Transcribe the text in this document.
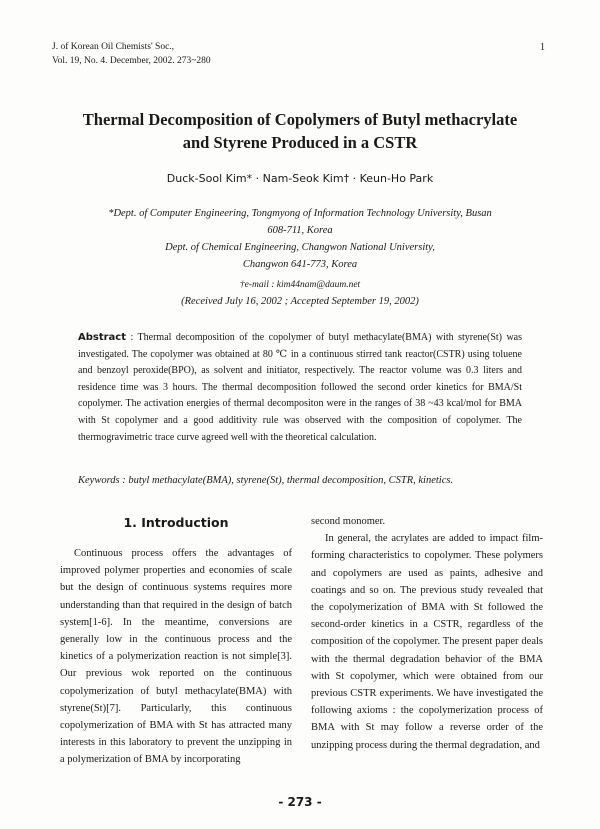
J. of Korean Oil Chemists' Soc.,
Vol. 19, No. 4. December, 2002. 273~280
1
Thermal Decomposition of Copolymers of Butyl methacrylate
and Styrene Produced in a CSTR
Duck-Sool Kim* · Nam-Seok Kim† · Keun-Ho Park
*Dept. of Computer Engineering, Tongmyong of Information Technology University, Busan
608-711, Korea
Dept. of Chemical Engineering, Changwon National University,
Changwon 641-773, Korea
†e-mail : kim44nam@daum.net
(Received July 16, 2002 ; Accepted September 19, 2002)
Abstract : Thermal decomposition of the copolymer of butyl methacylate(BMA) with styrene(St) was investigated. The copolymer was obtained at 80 ℃ in a continuous stirred tank reactor(CSTR) using toluene and benzoyl peroxide(BPO), as solvent and initiator, respectively. The reactor volume was 0.3 liters and residence time was 3 hours. The thermal decomposition followed the second order kinetics for BMA/St copolymer. The activation energies of thermal decompositon were in the ranges of 38 ~43 kcal/mol for BMA with St copolymer and a good additivity rule was observed with the composition of copolymer. The thermogravimetric trace curve agreed well with the theoretical calculation.
Keywords : butyl methacylate(BMA), styrene(St), thermal decomposition, CSTR, kinetics.
1. Introduction

Continuous process offers the advantages of improved polymer properties and economies of scale but the design of continuous systems requires more understanding than that required in the design of batch system[1-6]. In the meantime, conversions are generally low in the continuous process and the kinetics of a polymerization reaction is not simple[3]. Our previous wok reported on the continuous copolymerization of butyl methacylate(BMA) with styrene(St)[7]. Particularly, this continuous copolymerization of BMA with St has attracted many interests in this laboratory to prevent the unzipping in a polymerization of BMA by incorporating

second monomer.

In general, the acrylates are added to impact film-forming characteristics to copolymer. These polymers and copolymers are used as paints, adhesive and coatings and so on. The previous study revealed that the copolymerization of BMA with St followed the second-order kinetics in a CSTR, regardless of the composition of the copolymer. The present paper deals with the thermal degradation behavior of the BMA with St copolymer, which were obtained from our previous CSTR experiments. We have investigated the following axioms : the copolymerization process of BMA with St may follow a reverse order of the unzipping process during the thermal degradation, and

- 273 -
